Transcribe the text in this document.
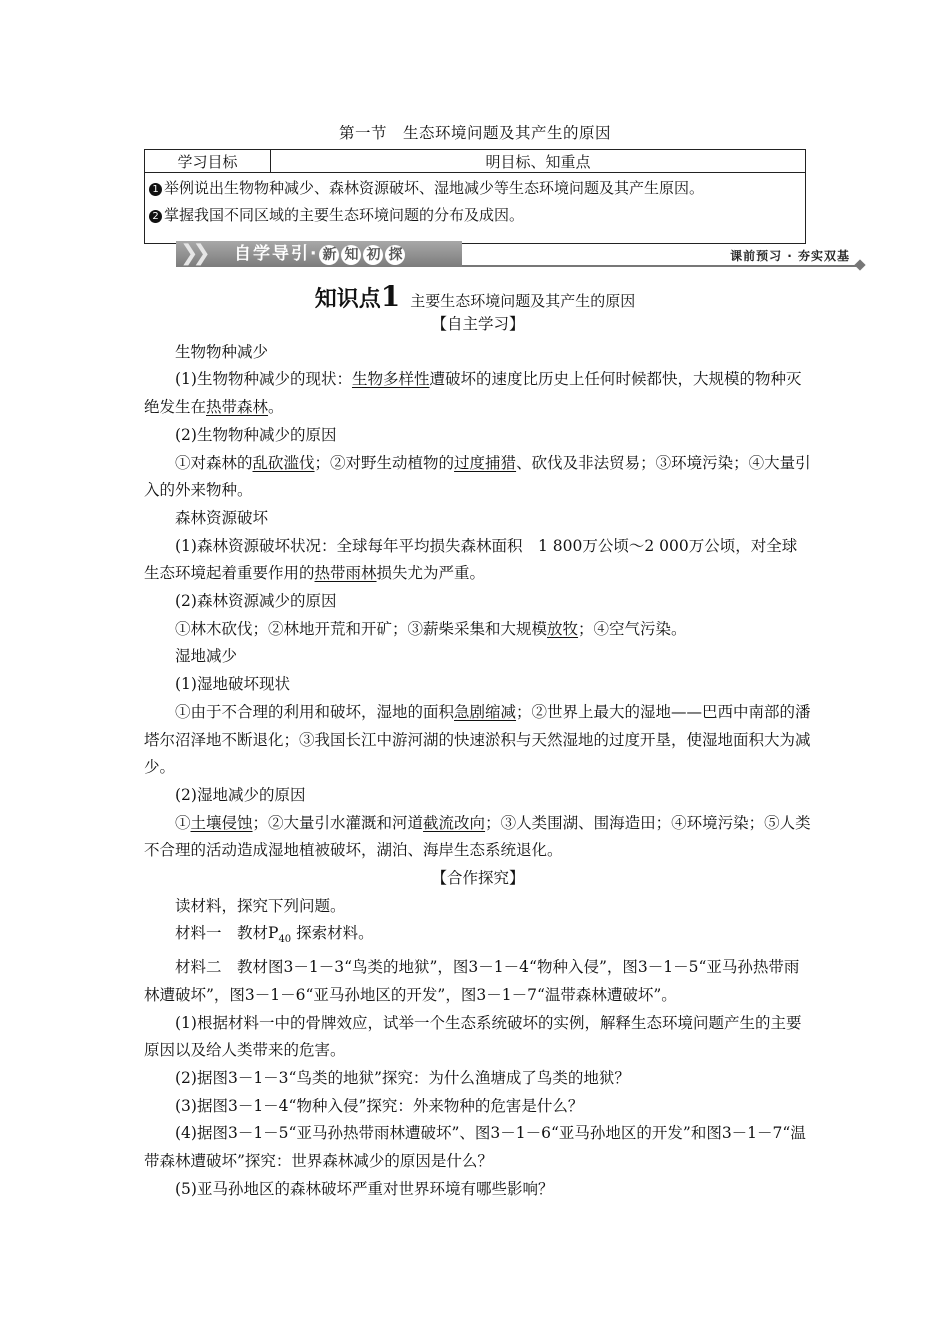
第一节　生态环境问题及其产生的原因
学习目标	明目标、知重点

1 举例说出生物物种减少、森林资源破坏、湿地减少等生态环境问题及其产生原因。
2 掌握我国不同区域的主要生态环境问题的分布及成因。
❯❯	自学导引· 新 知 初 探	课前预习 · 夯实双基
知识点1 主要生态环境问题及其产生的原因

【自主学习】

生物物种减少

(1)生物物种减少的现状：生物多样性遭破坏的速度比历史上任何时候都快，大规模的物种灭绝发生在热带森林。

(2)生物物种减少的原因

①对森林的乱砍滥伐；②对野生动植物的过度捕猎、砍伐及非法贸易；③环境污染；④大量引入的外来物种。

森林资源破坏

(1)森林资源破坏状况：全球每年平均损失森林面积　1 800万公顷～2 000万公顷，对全球生态环境起着重要作用的热带雨林损失尤为严重。

(2)森林资源减少的原因

①林木砍伐；②林地开荒和开矿；③薪柴采集和大规模放牧；④空气污染。

湿地减少

(1)湿地破坏现状

①由于不合理的利用和破坏，湿地的面积急剧缩减；②世界上最大的湿地——巴西中南部的潘塔尔沼泽地不断退化；③我国长江中游河湖的快速淤积与天然湿地的过度开垦，使湿地面积大为减少。

(2)湿地减少的原因

①土壤侵蚀；②大量引水灌溉和河道截流改向；③人类围湖、围海造田；④环境污染；⑤人类不合理的活动造成湿地植被破坏，湖泊、海岸生态系统退化。

【合作探究】

读材料，探究下列问题。

材料一　教材$P_{40}$ 探索材料。

材料二　教材图3－1－3“鸟类的地狱”，图3－1－4“物种入侵”，图3－1－5“亚马孙热带雨林遭破坏”，图3－1－6“亚马孙地区的开发”，图3－1－7“温带森林遭破坏”。

(1)根据材料一中的骨牌效应，试举一个生态系统破坏的实例，解释生态环境问题产生的主要原因以及给人类带来的危害。

(2)据图3－1－3“鸟类的地狱”探究：为什么渔塘成了鸟类的地狱？

(3)据图3－1－4“物种入侵”探究：外来物种的危害是什么？

(4)据图3－1－5“亚马孙热带雨林遭破坏”、图3－1－6“亚马孙地区的开发”和图3－1－7“温带森林遭破坏”探究：世界森林减少的原因是什么？

(5)亚马孙地区的森林破坏严重对世界环境有哪些影响？
